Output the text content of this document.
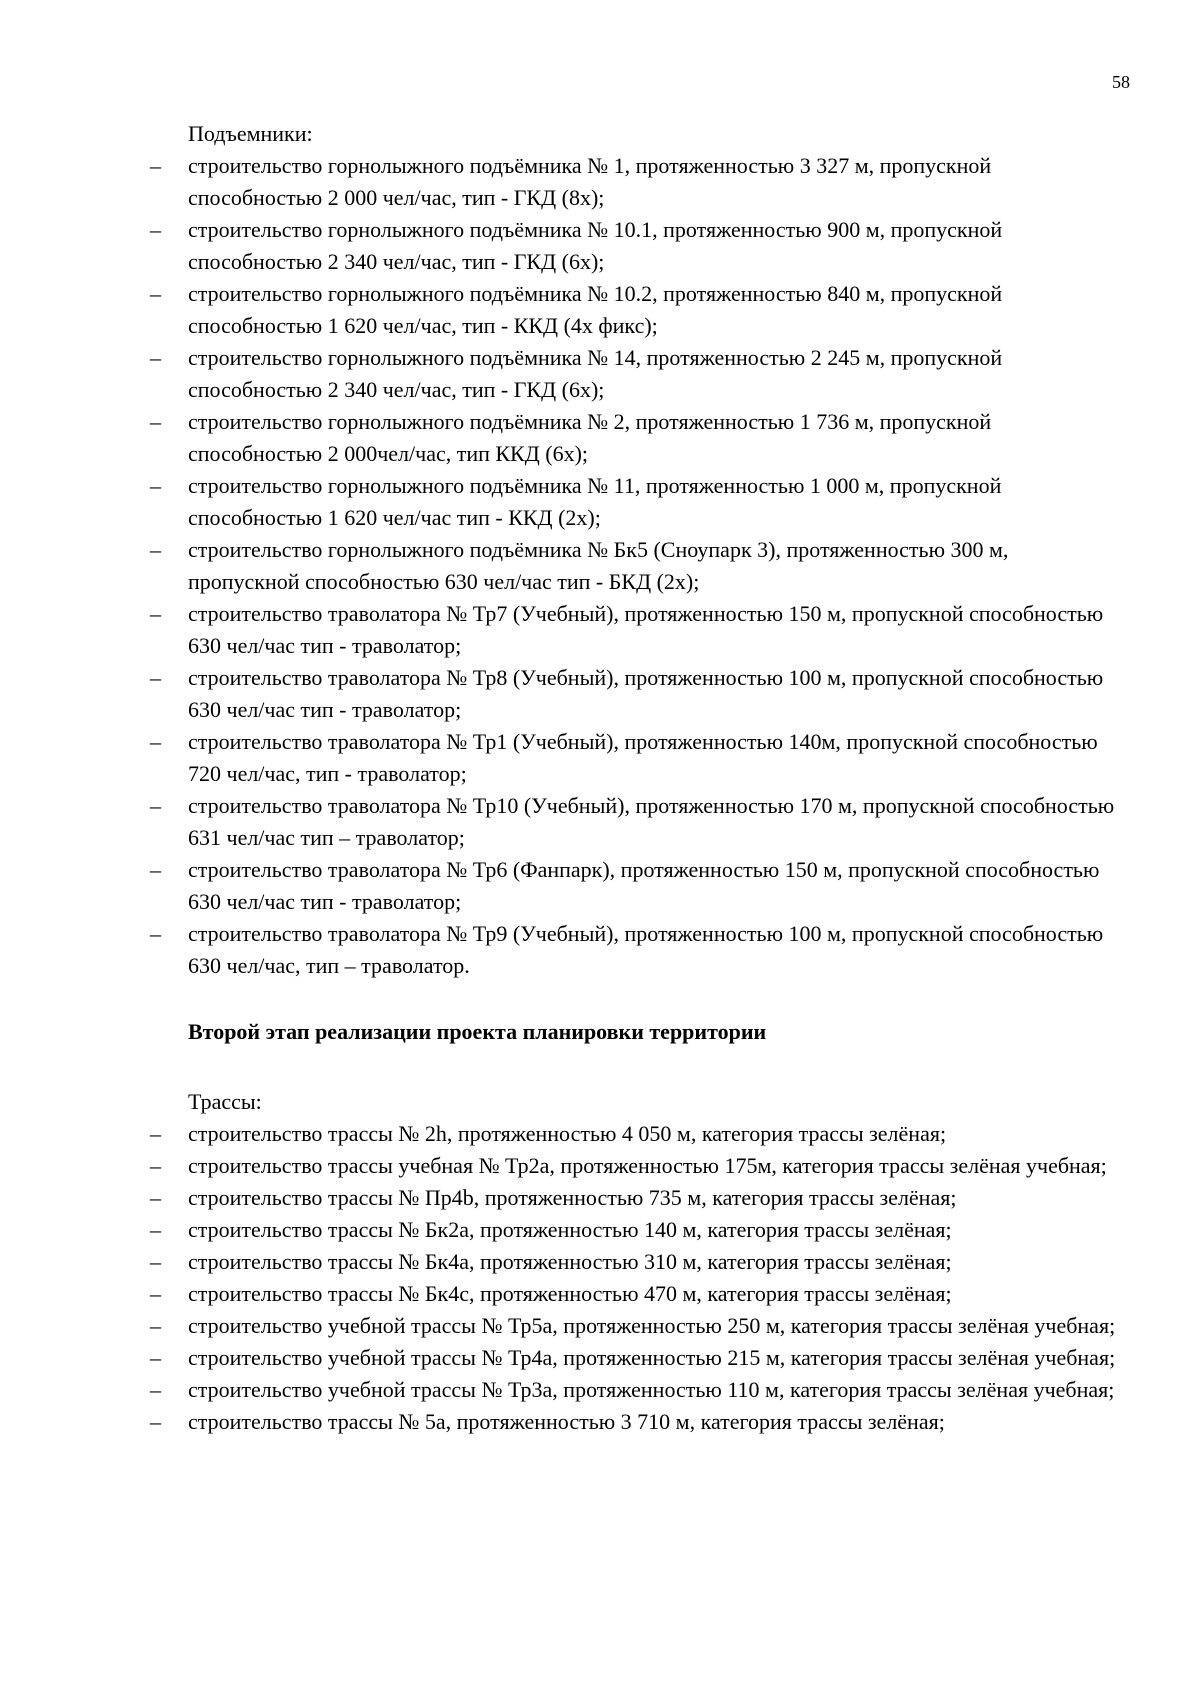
58
Подъемники:
– строительство горнолыжного подъёмника № 1, протяженностью 3 327 м, пропускной способностью 2 000 чел/час, тип - ГКД (8х);
– строительство горнолыжного подъёмника № 10.1, протяженностью 900 м, пропускной способностью 2 340 чел/час, тип - ГКД (6х);
– строительство горнолыжного подъёмника № 10.2, протяженностью 840 м, пропускной способностью 1 620 чел/час, тип - ККД (4х фикс);
– строительство горнолыжного подъёмника № 14, протяженностью 2 245 м, пропускной способностью 2 340 чел/час, тип - ГКД (6х);
– строительство горнолыжного подъёмника № 2, протяженностью 1 736 м, пропускной способностью 2 000чел/час, тип ККД (6х);
– строительство горнолыжного подъёмника № 11, протяженностью 1 000 м, пропускной способностью 1 620 чел/час тип - ККД (2х);
– строительство горнолыжного подъёмника № Бк5 (Сноупарк 3), протяженностью 300 м, пропускной способностью 630 чел/час тип - БКД (2х);
– строительство траволатора № Тр7 (Учебный), протяженностью 150 м, пропускной способностью 630 чел/час тип - траволатор;
– строительство траволатора № Тр8 (Учебный), протяженностью 100 м, пропускной способностью 630 чел/час тип - траволатор;
– строительство траволатора № Тр1 (Учебный), протяженностью 140м, пропускной способностью 720 чел/час, тип - траволатор;
– строительство траволатора № Тр10 (Учебный), протяженностью 170 м, пропускной способностью 631 чел/час тип – траволатор;
– строительство траволатора № Тр6 (Фанпарк), протяженностью 150 м, пропускной способностью 630 чел/час тип - траволатор;
– строительство траволатора № Тр9 (Учебный), протяженностью 100 м, пропускной способностью 630 чел/час, тип – траволатор.
Второй этап реализации проекта планировки территории
Трассы:
– строительство трассы № 2h, протяженностью 4 050 м, категория трассы зелёная;
– строительство трассы учебная № Тр2а, протяженностью 175м, категория трассы зелёная учебная;
– строительство трассы № Пр4b, протяженностью 735 м, категория трассы зелёная;
– строительство трассы № Бк2а, протяженностью 140 м, категория трассы зелёная;
– строительство трассы № Бк4а, протяженностью 310 м, категория трассы зелёная;
– строительство трассы № Бк4с, протяженностью 470 м, категория трассы зелёная;
– строительство учебной трассы № Тр5а, протяженностью 250 м, категория трассы зелёная учебная;
– строительство учебной трассы № Тр4а, протяженностью 215 м, категория трассы зелёная учебная;
– строительство учебной трассы № Тр3а, протяженностью 110 м, категория трассы зелёная учебная;
– строительство трассы № 5а, протяженностью 3 710 м, категория трассы зелёная;
